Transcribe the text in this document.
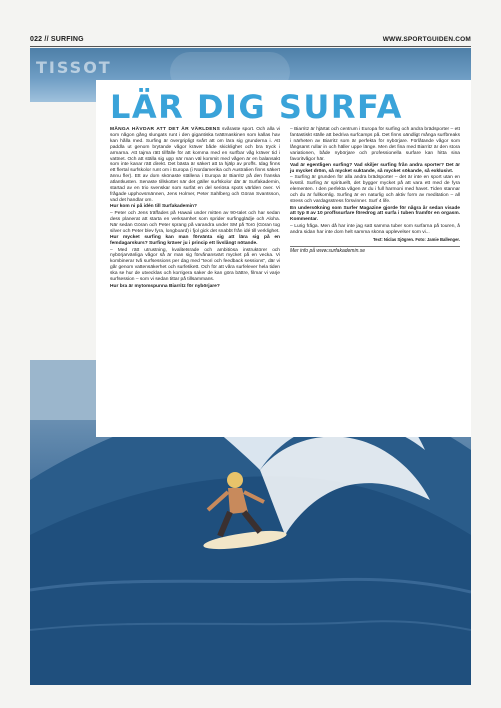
022 // SURFING	WWW.SPORTGUIDEN.COM
TISSOT
LÄR DIG SURFA

MÅNGA HÄVDAR ATT DET ÄR VÄRLDENS svåraste sport. Och alla vi som någon gång slungats runt i den gigantiska tvättmaskinen som kallas hav kan hålla med. Surfing är övergripligt svårt att om lära sig grunderna i. Att paddla ut genom brytande vågor kräver både skicklighet och bra tryck i armarna. Att tajma rätt tillfälle för att komma med en surfbar våg kräver tid i vattnet. Och att ställa sig upp när man väl kommit med vågen är en balansakt som inte kanar rätt direkt. Det bästa är säkert att ta hjälp av proffs. Idag finns ett flertal surfskolor runt om i Europa (i Nordamerika och Australien finns säkert ännu fler). Ett av dom skönaste ställena i Europa är Biarritz på den franska atlantkusten. Senaste tillskottet när det gäller surfskolor där är Surfakademin, startad av en trio svenskar som surfat en del seriösa spots världen över. Vi frågade upphovsmännen, Jens Holmer, Peter Sahlberg och Göran Svantsson, vad det handlar om.

Hur kom ni på idén till Surfakademin?

– Peter och Jens träffades på Hawaii under mitten av 90-talet och har sedan dess planerat att starta en verksamhet som sprider surfingglädje och Aloha. När sedan Göran och Peter sprang på varandra under SM på Torö (Göran tog silver och Peter blev fyra, longboard) i fjol gick det snabbt från idé till verklighet.

Hur mycket surfing kan man förvänta sig att lära sig på en femdagarskurs? Surfing kräver ju i princip ett livslångt nötande.

– Med rätt utrustning, kvalitetsrade och ambitiösa instruktörer och nybörjarvänliga vågor så är man sig förvånansvärt mycket på en vecka. Vi kombinerar två surfsessions per dag med "teori och feedback sessions", där vi går genom vattensäkerhet och surfetikett. Och för att våra surfelever hela tiden ska se hur de utvecklas och korrigera saker de kan göra bättre, filmar vi varje surfsession – som vi sedan tittar på tillsammans.

Hur bra är mytomspunna Biarritz för nybörjare?

– Biarritz är hjärtat och centrum i Europa för surfing och andra brädsporter – ett fantastiskt ställe att bedriva surfcamps på. Det finns oändligt många surfbreaks i närheten av Biarritz som är perfekta för nybörjare. Förlåtande vågor som långsamt rullar in och häller uppe länge. Men det fina med Biarritz är den stora variationen, både nybörjare och professionella surfare kan hitta sina favoritvågor här.

Vad är egentligen surfing? Vad skiljer surfing från andra sporter? Det är ju mycket dröm, så mycket suktande, så mycket sökande, så exklusivt.

– Surfing är grunden för alla andra brädsporter – det är inte en sport utan en livsstil. Surfing är spirituellt, det bygger mycket på att vara ett med de fyra elementen. I den perfekta vågen är du i full harmoni med havet. Tiden stannar och du är fullkomlig. Surfing är en naturlig och aktiv form av meditation – all stress och vardagsstress försvinner. Surf 4 life.

En undersökning som Surfer Magazine gjorde för några år sedan visade att typ 8 av 10 proffssurfare föredrog att surfa i tuben framför en orgasm. Kommentar.

– Lurig fråga. Men då har inte jag satt samma tuber som surfarna på touren, å andra sidan har inte dom helt samma sköna upplevelser som vi...

Text: Niclas Sjögren. Foto: Jamie Ballenger.
Mer info på www.surfakademin.se
Surfaren Jens Holmer på Haleiwa, North Shore, Hawaii.
